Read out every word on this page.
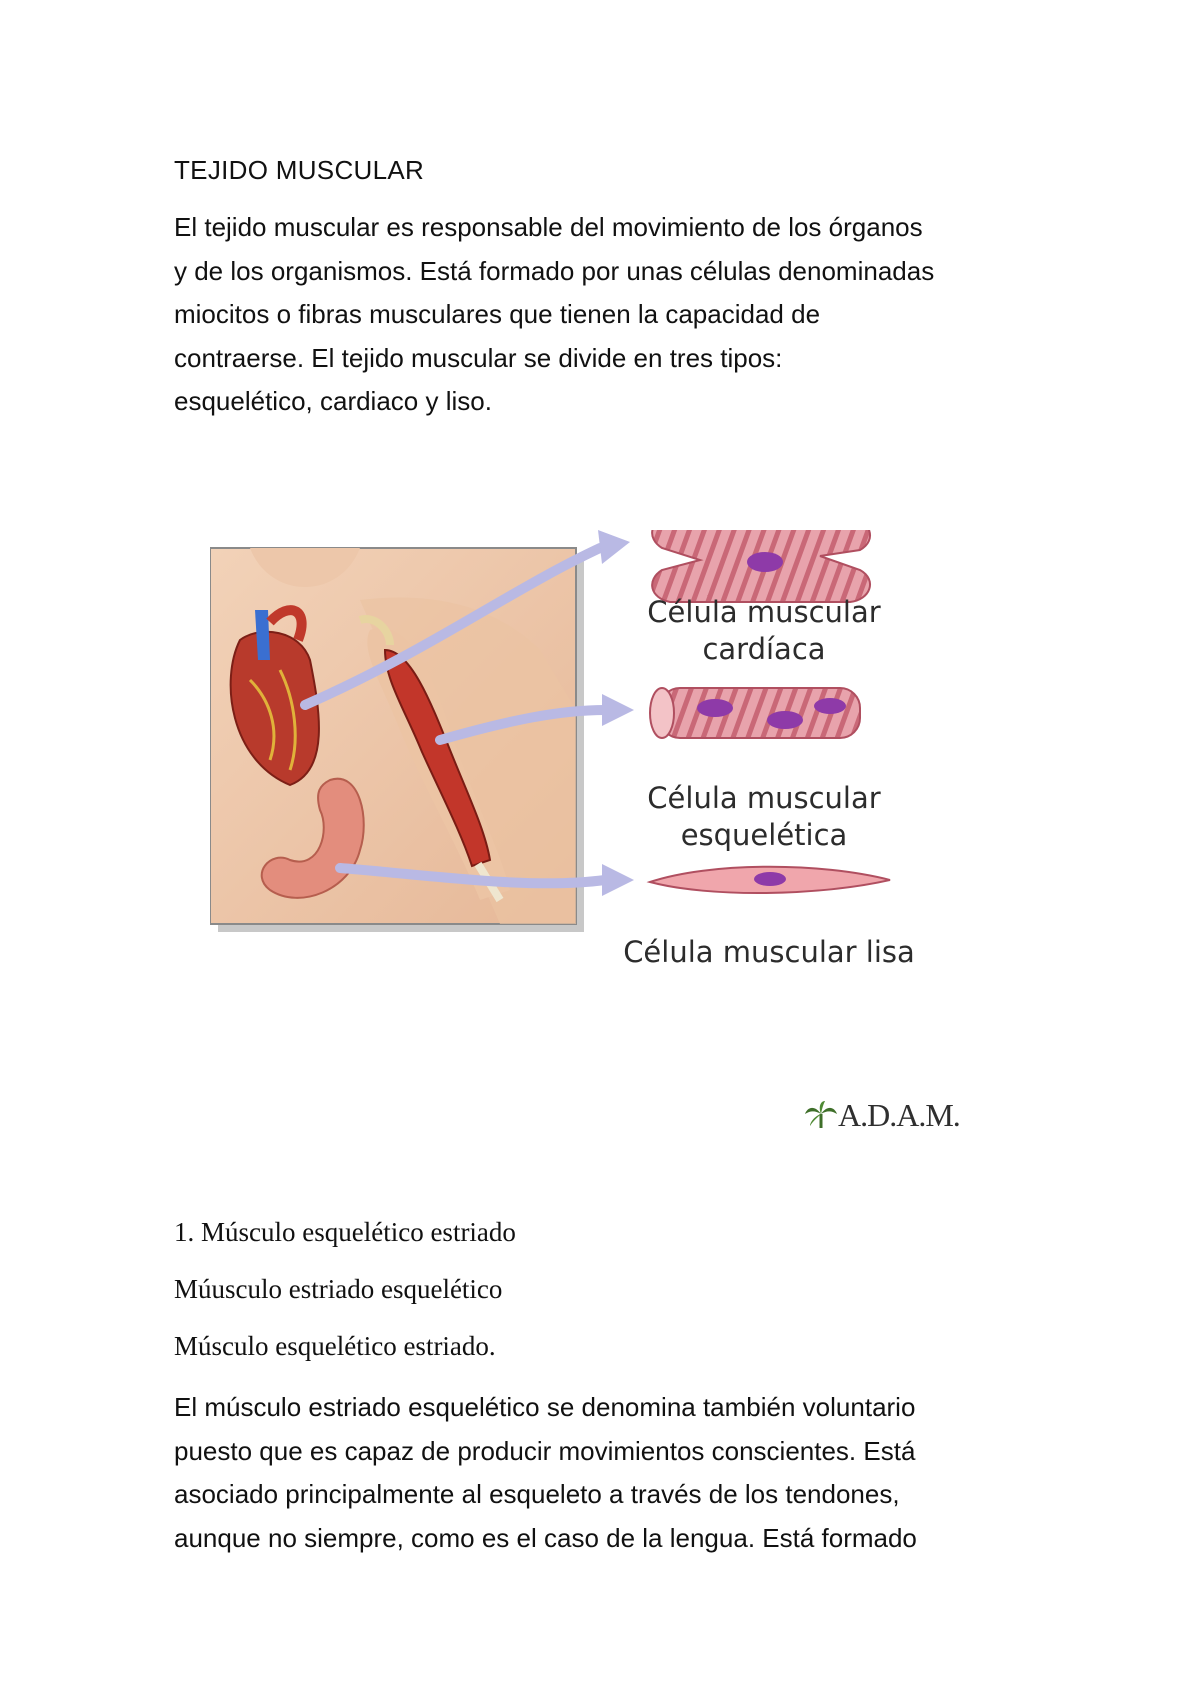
TEJIDO MUSCULAR
El tejido muscular es responsable del movimiento de los órganos
y de los organismos. Está formado por unas células denominadas
miocitos o fibras musculares que tienen la capacidad de
contraerse. El tejido muscular se divide en tres tipos:
esquelético, cardiaco y liso.
Célula muscular
cardíaca
Célula muscular
esquelética
Célula muscular lisa
A.D.A.M.
1. Músculo esquelético estriado
Múusculo estriado esquelético
Músculo esquelético estriado.
El músculo estriado esquelético se denomina también voluntario
puesto que es capaz de producir movimientos conscientes. Está
asociado principalmente al esqueleto a través de los tendones,
aunque no siempre, como es el caso de la lengua. Está formado
